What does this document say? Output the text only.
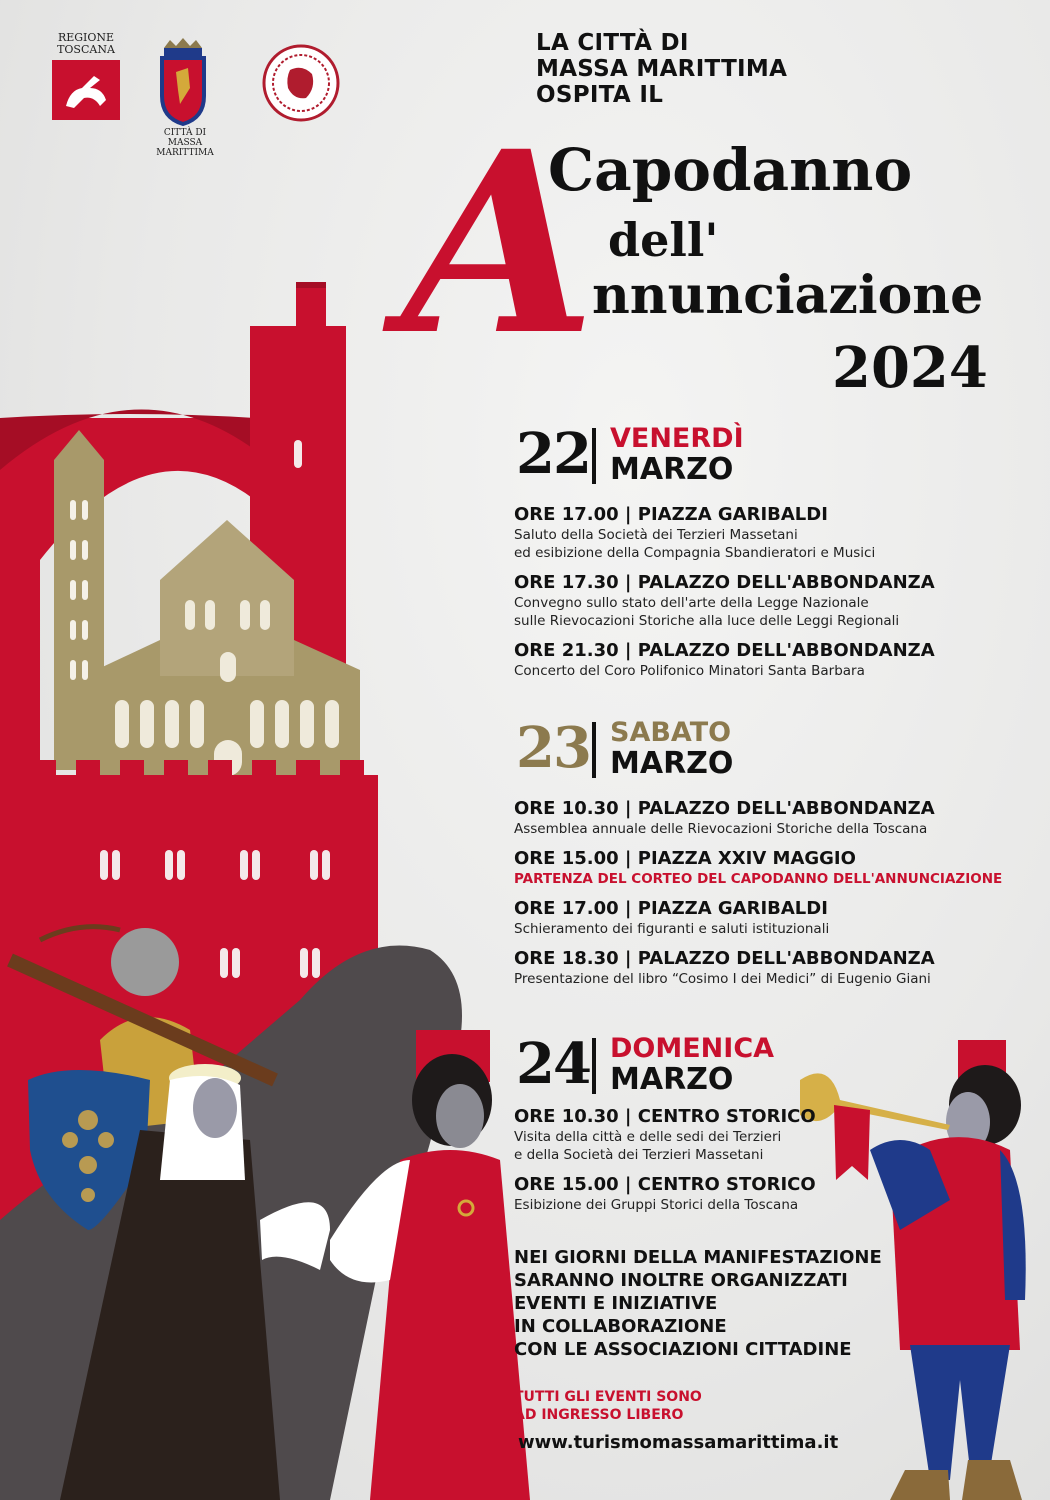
REGIONE TOSCANA
CITTÀ DI
MASSA MARITTIMA
LA CITTÀ DI
MASSA MARITTIMA
OSPITA IL
A
Capodanno
dell'
nnunciazione
2024
22 VENERDÌ
MARZO
ORE 17.00 | PIAZZA GARIBALDI
Saluto della Società dei Terzieri Massetani
ed esibizione della Compagnia Sbandieratori e Musici
ORE 17.30 | PALAZZO DELL'ABBONDANZA
Convegno sullo stato dell'arte della Legge Nazionale
sulle Rievocazioni Storiche alla luce delle Leggi Regionali
ORE 21.30 | PALAZZO DELL'ABBONDANZA
Concerto del Coro Polifonico Minatori Santa Barbara
23 SABATO
MARZO
ORE 10.30 | PALAZZO DELL'ABBONDANZA
Assemblea annuale delle Rievocazioni Storiche della Toscana
ORE 15.00 | PIAZZA XXIV MAGGIO
PARTENZA DEL CORTEO DEL CAPODANNO DELL'ANNUNCIAZIONE
ORE 17.00 | PIAZZA GARIBALDI
Schieramento dei figuranti e saluti istituzionali
ORE 18.30 | PALAZZO DELL'ABBONDANZA
Presentazione del libro “Cosimo I dei Medici” di Eugenio Giani
24 DOMENICA
MARZO
ORE 10.30 | CENTRO STORICO
Visita della città e delle sedi dei Terzieri
e della Società dei Terzieri Massetani
ORE 15.00 | CENTRO STORICO
Esibizione dei Gruppi Storici della Toscana
NEI GIORNI DELLA MANIFESTAZIONE
SARANNO INOLTRE ORGANIZZATI
EVENTI E INIZIATIVE
IN COLLABORAZIONE
CON LE ASSOCIAZIONI CITTADINE
TUTTI GLI EVENTI SONO
AD INGRESSO LIBERO
www.turismomassamarittima.it
